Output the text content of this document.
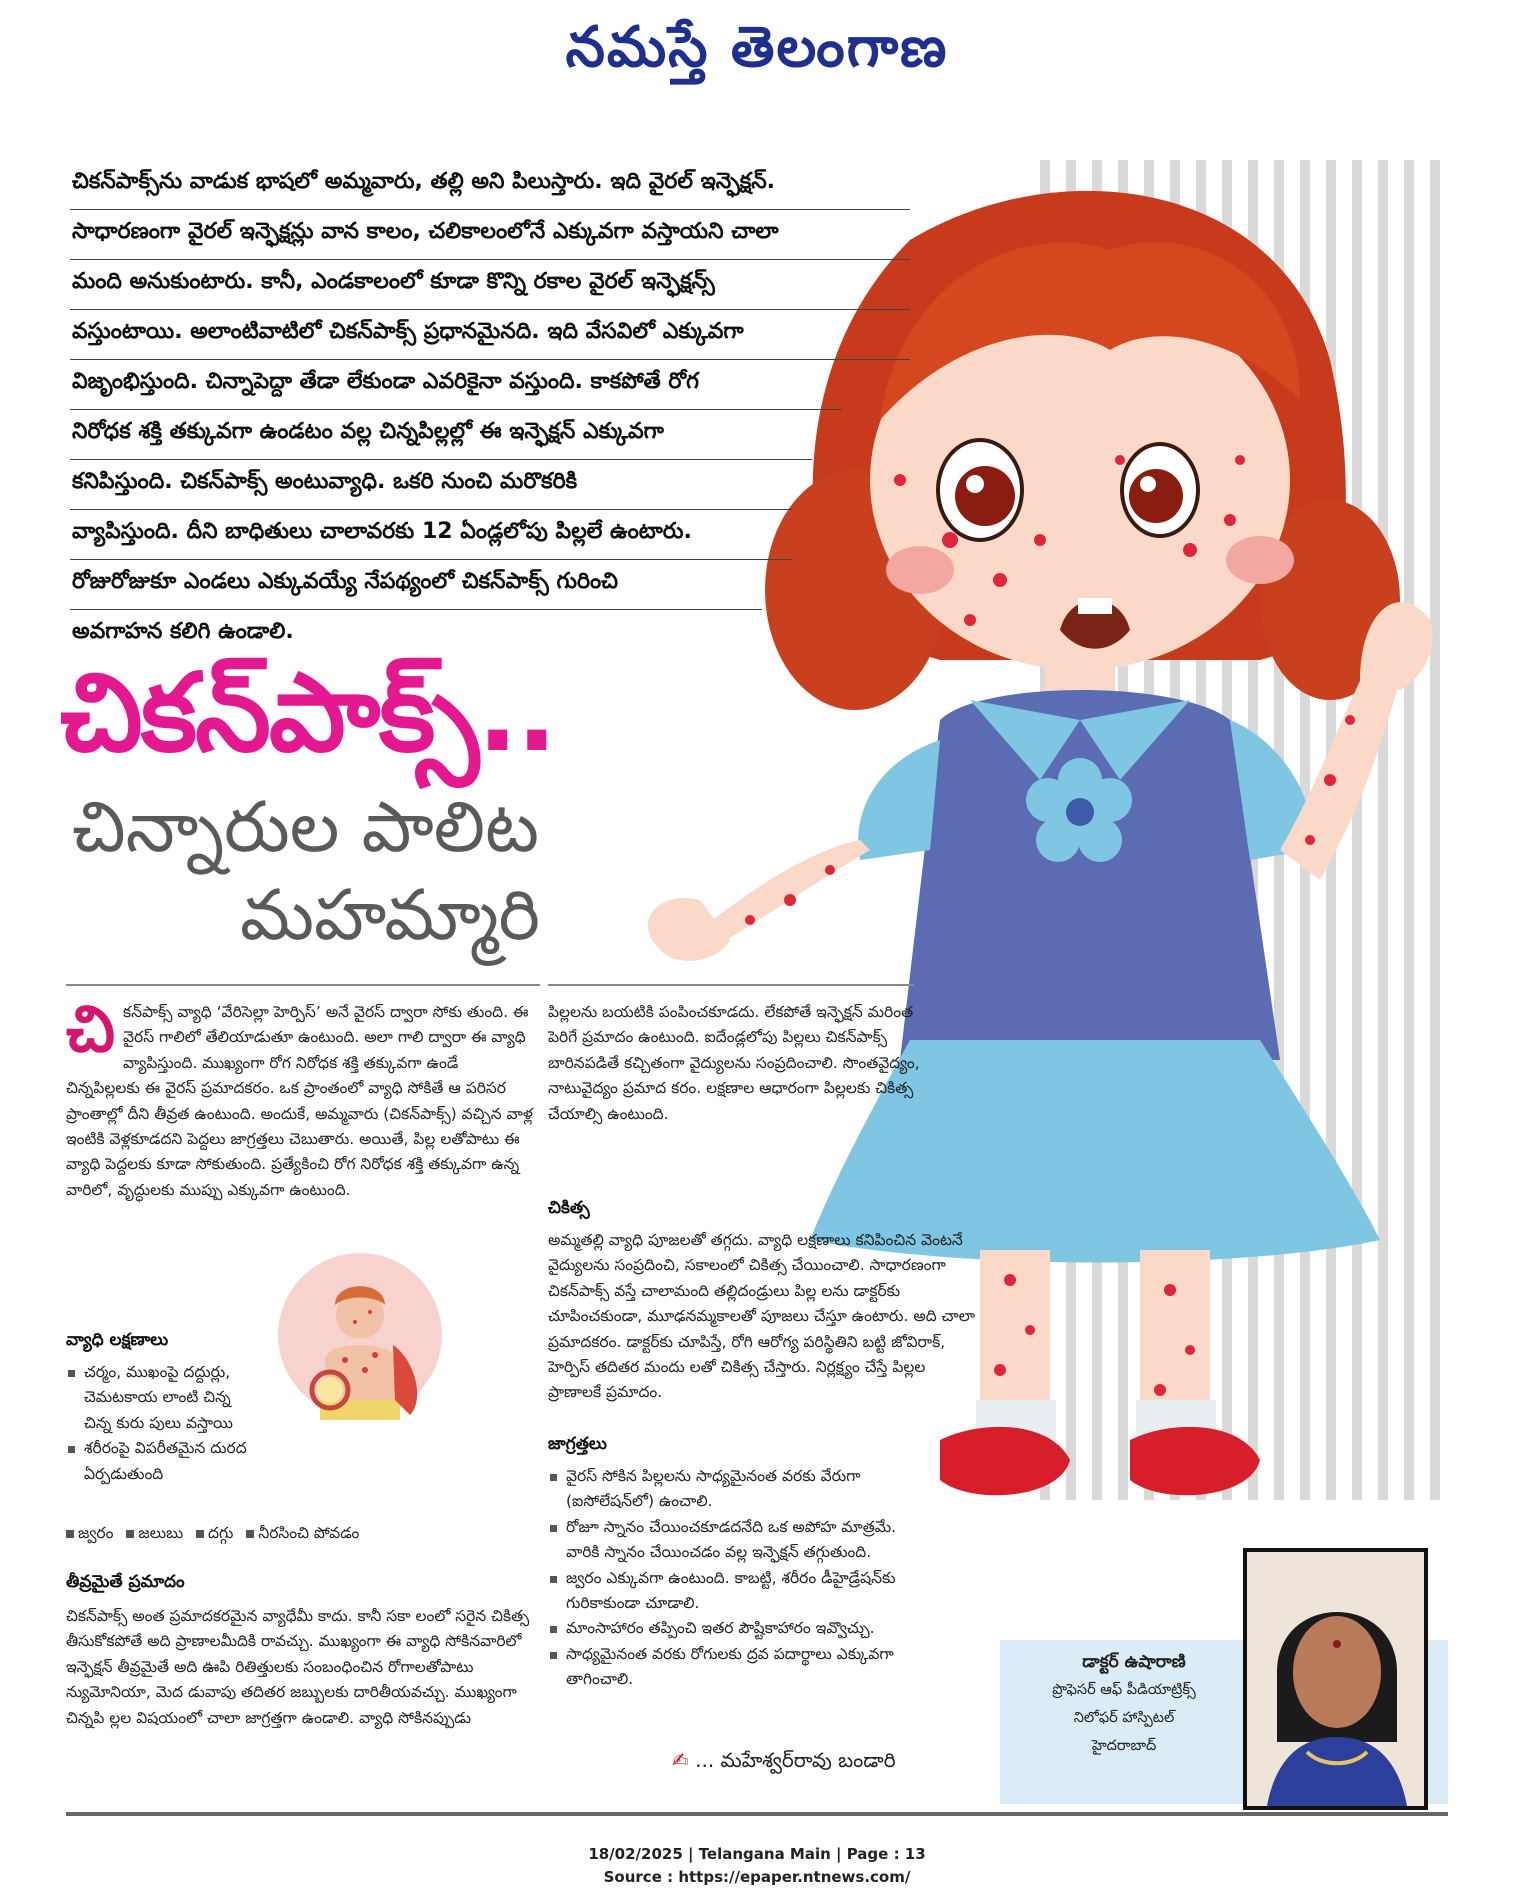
నమస్తే తెలంగాణ
చికన్‌పాక్స్‌ను వాడుక భాషలో అమ్మవారు, తల్లి అని పిలుస్తారు. ఇది వైరల్ ఇన్ఫెక్షన్.
సాధారణంగా వైరల్ ఇన్ఫెక్షన్లు వాన కాలం, చలికాలంలోనే ఎక్కువగా వస్తాయని చాలా
మంది అనుకుంటారు. కానీ, ఎండకాలంలో కూడా కొన్ని రకాల వైరల్ ఇన్ఫెక్షన్స్
వస్తుంటాయి. అలాంటివాటిలో చికన్‌పాక్స్ ప్రధానమైనది. ఇది వేసవిలో ఎక్కువగా
విజృంభిస్తుంది. చిన్నాపెద్దా తేడా లేకుండా ఎవరికైనా వస్తుంది. కాకపోతే రోగ
నిరోధక శక్తి తక్కువగా ఉండటం వల్ల చిన్నపిల్లల్లో ఈ ఇన్ఫెక్షన్ ఎక్కువగా
కనిపిస్తుంది. చికన్‌పాక్స్ అంటువ్యాధి. ఒకరి నుంచి మరొకరికి
వ్యాపిస్తుంది. దీని బాధితులు చాలావరకు 12 ఏండ్లలోపు పిల్లలే ఉంటారు.
రోజురోజుకూ ఎండలు ఎక్కువయ్యే నేపథ్యంలో చికన్‌పాక్స్ గురించి
అవగాహన కలిగి ఉండాలి.
చికన్‌పాక్స్..
చిన్నారుల పాలిట
మహమ్మారి
చి కన్‌పాక్స్ వ్యాధి ‘వేరిసెల్లా హెర్పిస్’ అనే వైరస్ ద్వారా సోకు తుంది. ఈ వైరస్ గాలిలో తేలియాడుతూ ఉంటుంది. అలా గాలి ద్వారా ఈ వ్యాధి వ్యాపిస్తుంది. ముఖ్యంగా రోగ నిరోధక శక్తి తక్కువగా ఉండే చిన్నపిల్లలకు ఈ వైరస్ ప్రమాదకరం. ఒక ప్రాంతంలో వ్యాధి సోకితే ఆ పరిసర ప్రాంతాల్లో దీని తీవ్రత ఉంటుంది. అందుకే, అమ్మవారు (చికన్‌పాక్స్) వచ్చిన వాళ్ల ఇంటికి వెళ్లకూడదని పెద్దలు జాగ్రత్తలు చెబుతారు. అయితే, పిల్ల లతోపాటు ఈ వ్యాధి పెద్దలకు కూడా సోకుతుంది. ప్రత్యేకించి రోగ నిరోధక శక్తి తక్కువగా ఉన్న వారిలో, వృద్ధులకు ముప్పు ఎక్కువగా ఉంటుంది.
వ్యాధి లక్షణాలు
చర్మం, ముఖంపై దద్దుర్లు, చెమటకాయ లాంటి చిన్న చిన్న కురు పులు వస్తాయి
శరీరంపై విపరీతమైన దురద ఏర్పడుతుంది
జ్వరం జలుబు దగ్గు నీరసించి పోవడం
తీవ్రమైతే ప్రమాదం
చికన్‌పాక్స్ అంత ప్రమాదకరమైన వ్యాధేమీ కాదు. కానీ సకా లంలో సరైన చికిత్స తీసుకోకపోతే అది ప్రాణాలమీదికి రావచ్చు. ముఖ్యంగా ఈ వ్యాధి సోకినవారిలో ఇన్ఫెక్షన్ తీవ్రమైతే అది ఊపి రితిత్తులకు సంబంధించిన రోగాలతోపాటు న్యుమోనియా, మెద డువాపు తదితర జబ్బులకు దారితీయవచ్చు. ముఖ్యంగా చిన్నపి ల్లల విషయంలో చాలా జాగ్రత్తగా ఉండాలి. వ్యాధి సోకినప్పుడు
పిల్లలను బయటికి పంపించకూడదు. లేకపోతే ఇన్ఫెక్షన్ మరింత పెరిగే ప్రమాదం ఉంటుంది. ఐదేండ్లలోపు పిల్లలు చికన్‌పాక్స్ బారినపడితే కచ్చితంగా వైద్యులను సంప్రదించాలి. సొంతవైద్యం, నాటువైద్యం ప్రమాద కరం. లక్షణాల ఆధారంగా పిల్లలకు చికిత్స చేయాల్సి ఉంటుంది.
చికిత్స
అమ్మతల్లి వ్యాధి పూజలతో తగ్గదు. వ్యాధి లక్షణాలు కనిపించిన వెంటనే వైద్యులను సంప్రదించి, సకాలంలో చికిత్స చేయించాలి. సాధారణంగా చికన్‌పాక్స్ వస్తే చాలామంది తల్లిదండ్రులు పిల్ల లను డాక్టర్‌కు చూపించకుండా, మూఢనమ్మకాలతో పూజలు చేస్తూ ఉంటారు. అది చాలా ప్రమాదకరం. డాక్టర్‌కు చూపిస్తే, రోగి ఆరోగ్య పరిస్థితిని బట్టి జోవిరాక్, హెర్పిస్ తదితర మందు లతో చికిత్స చేస్తారు. నిర్లక్ష్యం చేస్తే పిల్లల ప్రాణాలకే ప్రమాదం.
జాగ్రత్తలు
వైరస్ సోకిన పిల్లలను సాధ్యమైనంత వరకు వేరుగా (ఐసోలేషన్‌లో) ఉంచాలి.
రోజూ స్నానం చేయించకూడదనేది ఒక అపోహ మాత్రమే. వారికి స్నానం చేయించడం వల్ల ఇన్ఫెక్షన్ తగ్గుతుంది.
జ్వరం ఎక్కువగా ఉంటుంది. కాబట్టి, శరీరం డీహైడ్రేషన్‌కు గురికాకుండా చూడాలి.
మాంసాహారం తప్పించి ఇతర పౌష్టికాహారం ఇవ్వొచ్చు.
సాధ్యమైనంత వరకు రోగులకు ద్రవ పదార్థాలు ఎక్కువగా తాగించాలి.
✍ ... మహేశ్వర్‌రావు బండారి
డాక్టర్ ఉషారాణి
ప్రొఫెసర్ ఆఫ్ పీడియాట్రిక్స్
నిలోఫర్ హాస్పిటల్
హైదరాబాద్
18/02/2025 | Telangana Main | Page : 13
Source : https://epaper.ntnews.com/
